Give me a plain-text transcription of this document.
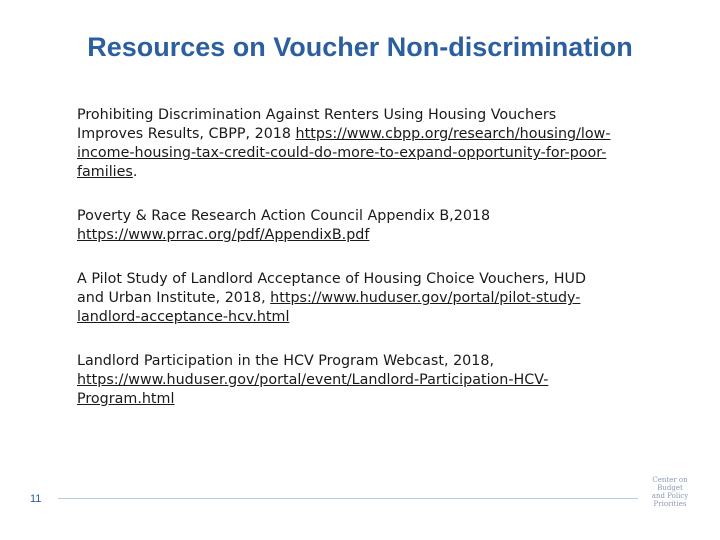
Resources on Voucher Non-discrimination
Prohibiting Discrimination Against Renters Using Housing Vouchers Improves Results, CBPP, 2018 https://www.cbpp.org/research/housing/low-income-housing-tax-credit-could-do-more-to-expand-opportunity-for-poor-families.
Poverty & Race Research Action Council Appendix B,2018 https://www.prrac.org/pdf/AppendixB.pdf
A Pilot Study of Landlord Acceptance of Housing Choice Vouchers, HUD and Urban Institute, 2018, https://www.huduser.gov/portal/pilot-study-landlord-acceptance-hcv.html
Landlord Participation in the HCV Program Webcast, 2018, https://www.huduser.gov/portal/event/Landlord-Participation-HCV-Program.html
11
Center on
Budget
and Policy
Priorities
